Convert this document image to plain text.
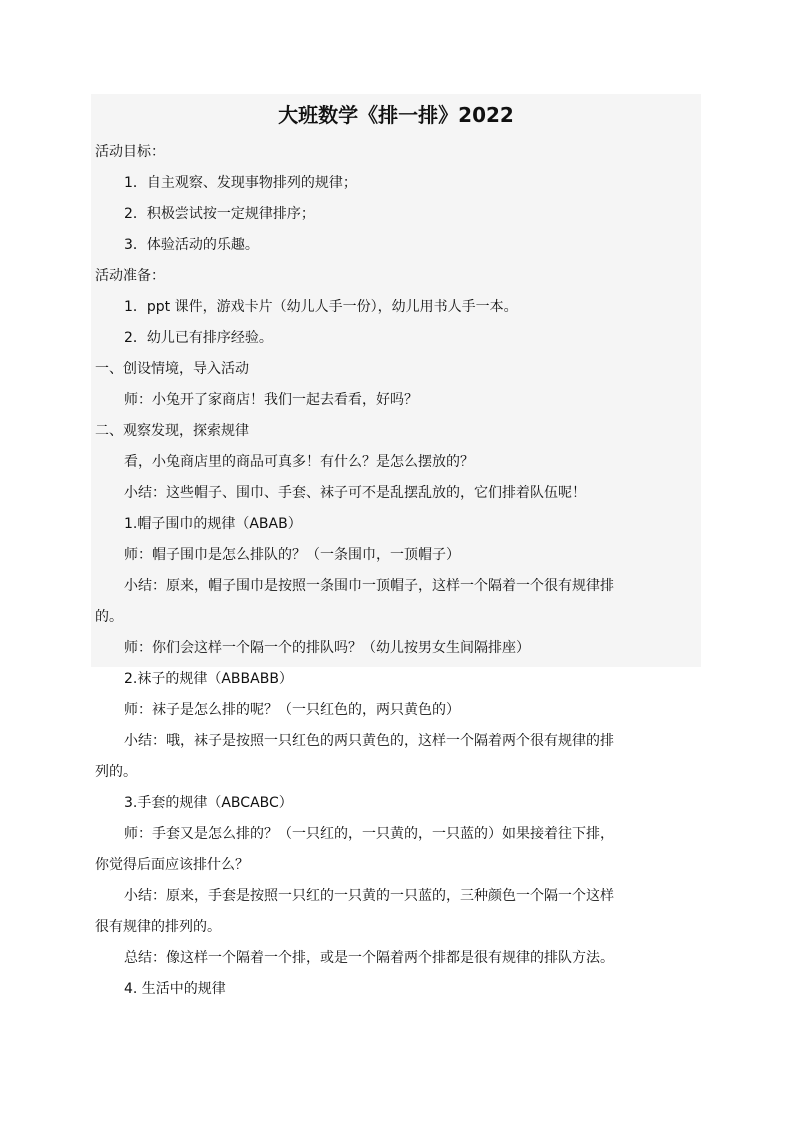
大班数学《排一排》2022

活动目标：

1．自主观察、发现事物排列的规律；

2．积极尝试按一定规律排序；

3．体验活动的乐趣。

活动准备：

1．ppt 课件，游戏卡片（幼儿人手一份），幼儿用书人手一本。

2．幼儿已有排序经验。

一、创设情境，导入活动

师：小兔开了家商店！我们一起去看看，好吗？

二、观察发现，探索规律

看，小兔商店里的商品可真多！有什么？是怎么摆放的？

小结：这些帽子、围巾、手套、袜子可不是乱摆乱放的，它们排着队伍呢！

1.帽子围巾的规律（ABAB）

师：帽子围巾是怎么排队的？（一条围巾，一顶帽子）

小结：原来，帽子围巾是按照一条围巾一顶帽子，这样一个隔着一个很有规律排

的。

师：你们会这样一个隔一个的排队吗？（幼儿按男女生间隔排座）

2.袜子的规律（ABBABB）

师：袜子是怎么排的呢？（一只红色的，两只黄色的）

小结：哦，袜子是按照一只红色的两只黄色的，这样一个隔着两个很有规律的排

列的。

3.手套的规律（ABCABC）

师：手套又是怎么排的？（一只红的，一只黄的，一只蓝的）如果接着往下排，

你觉得后面应该排什么？

小结：原来，手套是按照一只红的一只黄的一只蓝的，三种颜色一个隔一个这样

很有规律的排列的。

总结：像这样一个隔着一个排，或是一个隔着两个排都是很有规律的排队方法。

4. 生活中的规律
